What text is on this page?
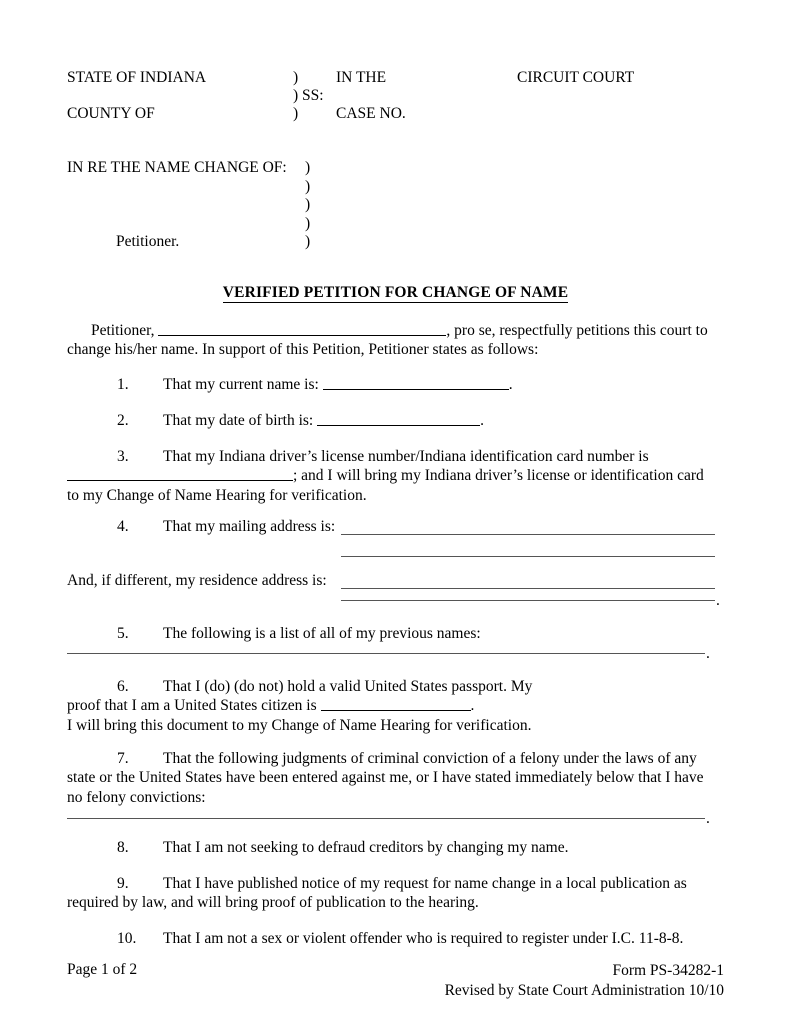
STATE OF INDIANA	) IN THE	CIRCUIT COURT
) SS:
COUNTY OF	) CASE NO.
IN RE THE NAME CHANGE OF: )
)
)
)
Petitioner.	)
VERIFIED PETITION FOR CHANGE OF NAME
Petitioner,	, pro se, respectfully petitions this court to change his/her name. In support of this Petition, Petitioner states as follows:
1. That my current name is:	.
2. That my date of birth is:	.
3. That my Indiana driver’s license number/Indiana identification card number is
; and I will bring my Indiana driver’s license or identification card
to my Change of Name Hearing for verification.
4. That my mailing address is:
And, if different, my residence address is:
.
5. The following is a list of all of my previous names:
.
6. That I (do) (do not) hold a valid United States passport. My
proof that I am a United States citizen is	.
I will bring this document to my Change of Name Hearing for verification.
7. That the following judgments of criminal conviction of a felony under the laws of any state or the United States have been entered against me, or I have stated immediately below that I have no felony convictions:
.
8. That I am not seeking to defraud creditors by changing my name.
9. That I have published notice of my request for name change in a local publication as required by law, and will bring proof of publication to the hearing.
10. That I am not a sex or violent offender who is required to register under I.C. 11-8-8.
Page 1 of 2	Form PS-34282-1
Revised by State Court Administration 10/10
